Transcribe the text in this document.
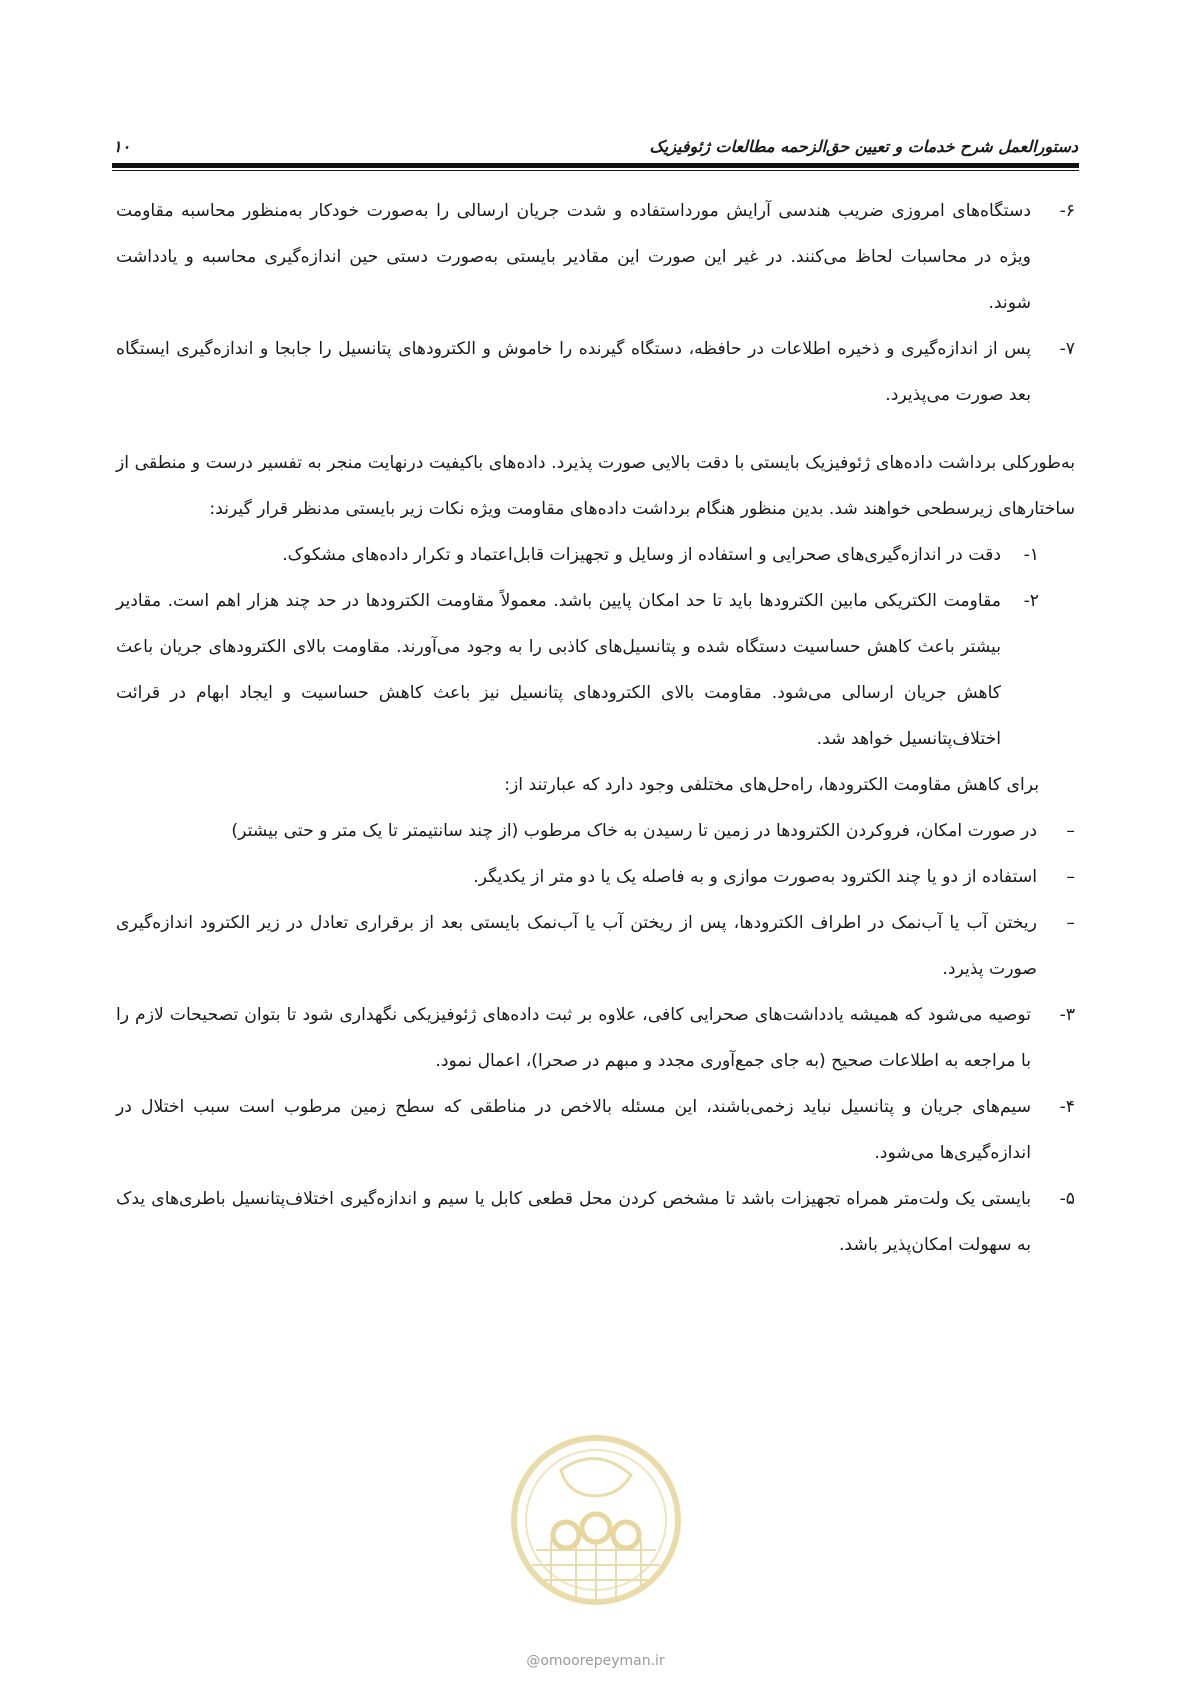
دستورالعمل شرح خدمات و تعیین حق‌الزحمه مطالعات ژئوفیزیک
۱۰
۶-
دستگاه‌های امروزی ضریب هندسی آرایش مورداستفاده و شدت جریان ارسالی را به‌صورت خودکار به‌منظور محاسبه مقاومت ویژه در محاسبات لحاظ می‌کنند. در غیر این صورت این مقادیر بایستی به‌صورت دستی حین اندازه‌گیری محاسبه و یادداشت شوند.
۷-
پس از اندازه‌گیری و ذخیره اطلاعات در حافظه، دستگاه گیرنده را خاموش و الکترودهای پتانسیل را جابجا و اندازه‌گیری ایستگاه بعد صورت می‌پذیرد.

به‌طورکلی برداشت داده‌های ژئوفیزیک بایستی با دقت بالایی صورت پذیرد. داده‌های باکیفیت درنهایت منجر به تفسیر درست و منطقی از ساختارهای زیرسطحی خواهند شد. بدین منظور هنگام برداشت داده‌های مقاومت ویژه نکات زیر بایستی مدنظر قرار گیرند:

۱-
دقت در اندازه‌گیری‌های صحرایی و استفاده از وسایل و تجهیزات قابل‌اعتماد و تکرار داده‌های مشکوک.
۲-
مقاومت الکتریکی مابین الکترودها باید تا حد امکان پایین باشد. معمولاً مقاومت الکترودها در حد چند هزار اهم است. مقادیر بیشتر باعث کاهش حساسیت دستگاه شده و پتانسیل‌های کاذبی را به وجود می‌آورند. مقاومت بالای الکترودهای جریان باعث کاهش جریان ارسالی می‌شود. مقاومت بالای الکترودهای پتانسیل نیز باعث کاهش حساسیت و ایجاد ابهام در قرائت اختلاف‌پتانسیل خواهد شد.
برای کاهش مقاومت الکترودها، راه‌حل‌های مختلفی وجود دارد که عبارتند از:
–
در صورت امکان، فروکردن الکترودها در زمین تا رسیدن به خاک مرطوب (از چند سانتیمتر تا یک متر و حتی بیشتر)
–
استفاده از دو یا چند الکترود به‌صورت موازی و به فاصله یک یا دو متر از یکدیگر.
–
ریختن آب یا آب‌نمک در اطراف الکترودها، پس از ریختن آب یا آب‌نمک بایستی بعد از برقراری تعادل در زیر الکترود اندازه‌گیری صورت پذیرد.
۳-
توصیه می‌شود که همیشه یادداشت‌های صحرایی کافی، علاوه بر ثبت داده‌های ژئوفیزیکی نگهداری شود تا بتوان تصحیحات لازم را با مراجعه به اطلاعات صحیح (به جای جمع‌آوری مجدد و مبهم در صحرا)، اعمال نمود.
۴-
سیم‌های جریان و پتانسیل نباید زخمی‌باشند، این مسئله بالاخص در مناطقی که سطح زمین مرطوب است سبب اختلال در اندازه‌گیری‌ها می‌شود.
۵-
بایستی یک ولت‌متر همراه تجهیزات باشد تا مشخص کردن محل قطعی کابل یا سیم و اندازه‌گیری اختلاف‌پتانسیل باطری‌های یدک به سهولت امکان‌پذیر باشد.
@omoorepeyman.ir
